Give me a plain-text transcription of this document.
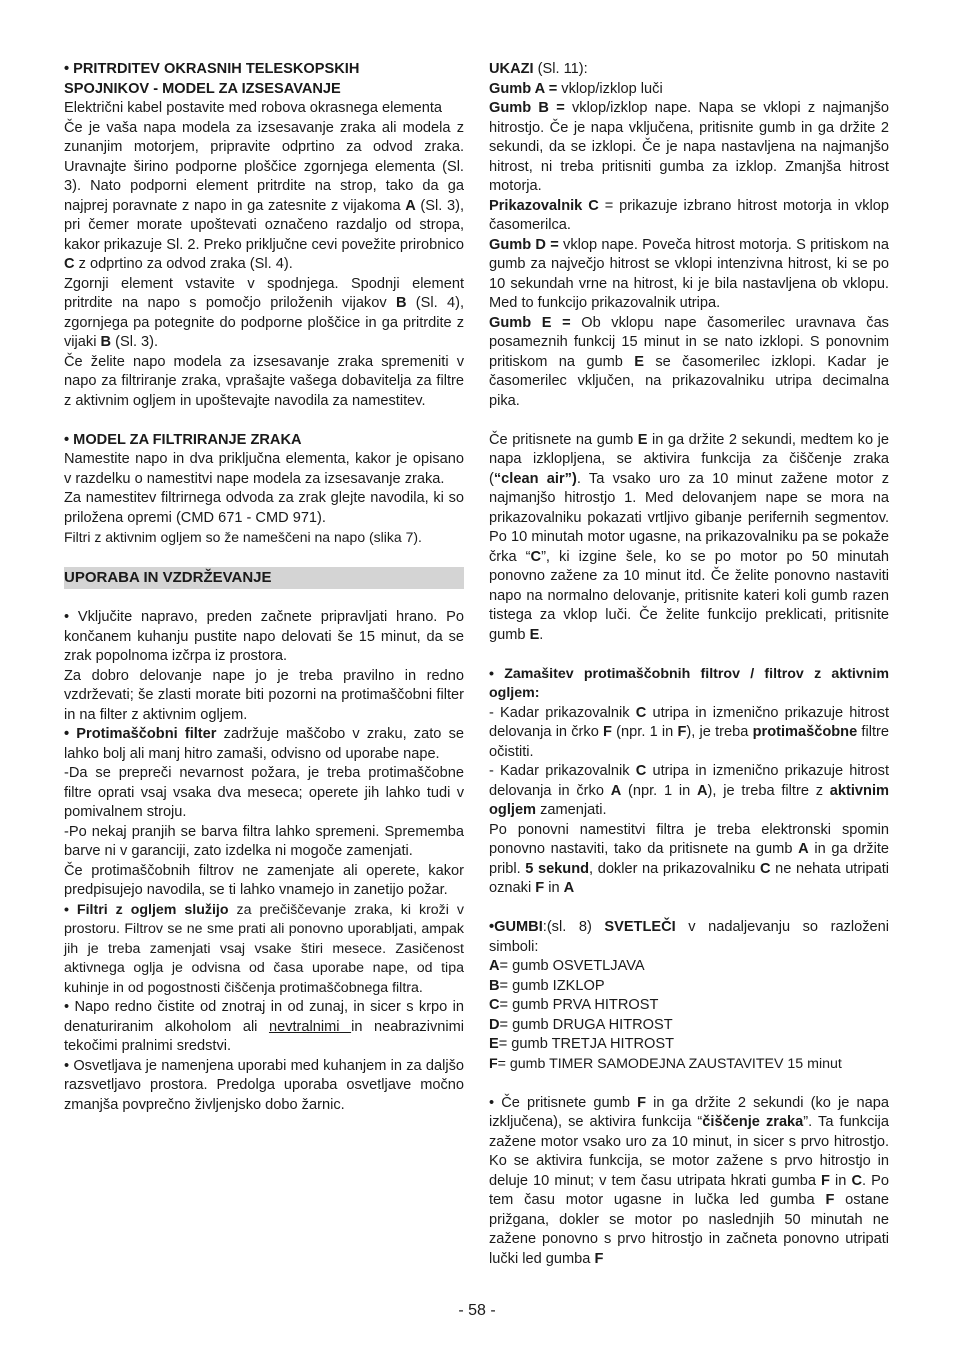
• PRITRDITEV OKRASNIH TELESKOPSKIH
SPOJNIKOV - MODEL ZA IZSESAVANJE

Električni kabel postavite med robova okrasnega elementa

Če je vaša napa modela za izsesavanje zraka ali modela z zunanjim motorjem, pripravite odprtino za odvod zraka. Uravnajte širino podporne ploščice zgornjega elementa (Sl. 3). Nato podporni element pritrdite na strop, tako da ga najprej poravnate z napo in ga zatesnite z vijakoma A (Sl. 3), pri čemer morate upoštevati označeno razdaljo od stropa, kakor prikazuje Sl. 2. Preko priključne cevi povežite prirobnico C z odprtino za odvod zraka (Sl. 4).

Zgornji element vstavite v spodnjega. Spodnji element pritrdite na napo s pomočjo priloženih vijakov B (Sl. 4), zgornjega pa potegnite do podporne ploščice in ga pritrdite z vijaki B (Sl. 3).

Če želite napo modela za izsesavanje zraka spremeniti v napo za filtriranje zraka, vprašajte vašega dobavitelja za filtre z aktivnim ogljem in upoštevajte navodila za namestitev.

• MODEL ZA FILTRIRANJE ZRAKA

Namestite napo in dva priključna elementa, kakor je opisano v razdelku o namestitvi nape modela za izsesavanje zraka.

Za namestitev filtrirnega odvoda za zrak glejte navodila, ki so priložena opremi (CMD 671 - CMD 971).

Filtri z aktivnim ogljem so že nameščeni na napo (slika 7).

UPORABA IN VZDRŽEVANJE

• Vključite napravo, preden začnete pripravljati hrano. Po končanem kuhanju pustite napo delovati še 15 minut, da se zrak popolnoma izčrpa iz prostora.

Za dobro delovanje nape jo je treba pravilno in redno vzdrževati; še zlasti morate biti pozorni na protimaščobni filter in na filter z aktivnim ogljem.

• Protimaščobni filter zadržuje maščobo v zraku, zato se lahko bolj ali manj hitro zamaši, odvisno od uporabe nape.

-Da se prepreči nevarnost požara, je treba protimaščobne filtre oprati vsaj vsaka dva meseca; operete jih lahko tudi v pomivalnem stroju.

-Po nekaj pranjih se barva filtra lahko spremeni. Sprememba barve ni v garanciji, zato izdelka ni mogoče zamenjati.

Če protimaščobnih filtrov ne zamenjate ali operete, kakor predpisujejo navodila, se ti lahko vnamejo in zanetijo požar.

• Filtri z ogljem služijo za prečiščevanje zraka, ki kroži v prostoru. Filtrov se ne sme prati ali ponovno uporabljati, ampak jih je treba zamenjati vsaj vsake štiri mesece. Zasičenost aktivnega oglja je odvisna od časa uporabe nape, od tipa kuhinje in od pogostnosti čiščenja protimaščobnega filtra.

• Napo redno čistite od znotraj in od zunaj, in sicer s krpo in denaturiranim alkoholom ali nevtralnimi in neabrazivnimi tekočimi pralnimi sredstvi.

• Osvetljava je namenjena uporabi med kuhanjem in za daljšo razsvetljavo prostora. Predolga uporaba osvetljave močno zmanjša povprečno življenjsko dobo žarnic.

UKAZI (Sl. 11):

Gumb A = vklop/izklop luči

Gumb B = vklop/izklop nape. Napa se vklopi z najmanjšo hitrostjo. Če je napa vključena, pritisnite gumb in ga držite 2 sekundi, da se izklopi. Če je napa nastavljena na najmanjšo hitrost, ni treba pritisniti gumba za izklop. Zmanjša hitrost motorja.

Prikazovalnik C = prikazuje izbrano hitrost motorja in vklop časomerilca.

Gumb D = vklop nape. Poveča hitrost motorja. S pritiskom na gumb za največjo hitrost se vklopi intenzivna hitrost, ki se po 10 sekundah vrne na hitrost, ki je bila nastavljena ob vklopu. Med to funkcijo prikazovalnik utripa.

Gumb E = Ob vklopu nape časomerilec uravnava čas posameznih funkcij 15 minut in se nato izklopi. S ponovnim pritiskom na gumb E se časomerilec izklopi. Kadar je časomerilec vključen, na prikazovalniku utripa decimalna pika.

Če pritisnete na gumb E in ga držite 2 sekundi, medtem ko je napa izklopljena, se aktivira funkcija za čiščenje zraka (“clean air”). Ta vsako uro za 10 minut zažene motor z najmanjšo hitrostjo 1. Med delovanjem nape se mora na prikazovalniku pokazati vrtljivo gibanje perifernih segmentov. Po 10 minutah motor ugasne, na prikazovalniku pa se pokaže črka “C”, ki izgine šele, ko se po motor po 50 minutah ponovno zažene za 10 minut itd. Če želite ponovno nastaviti napo na normalno delovanje, pritisnite kateri koli gumb razen tistega za vklop luči. Če želite funkcijo preklicati, pritisnite gumb E.

• Zamašitev protimaščobnih filtrov / filtrov z aktivnim ogljem:

- Kadar prikazovalnik C utripa in izmenično prikazuje hitrost delovanja in črko F (npr. 1 in F), je treba protimaščobne filtre očistiti.

- Kadar prikazovalnik C utripa in izmenično prikazuje hitrost delovanja in črko A (npr. 1 in A), je treba filtre z aktivnim ogljem zamenjati.

Po ponovni namestitvi filtra je treba elektronski spomin ponovno nastaviti, tako da pritisnete na gumb A in ga držite pribl. 5 sekund, dokler na prikazovalniku C ne nehata utripati oznaki F in A

•GUMBI:(sl. 8) SVETLEČI v nadaljevanju so razloženi simboli:

A= gumb OSVETLJAVA

B= gumb IZKLOP

C= gumb PRVA HITROST

D= gumb DRUGA HITROST

E= gumb TRETJA HITROST

F= gumb TIMER SAMODEJNA ZAUSTAVITEV 15 minut

• Če pritisnete gumb F in ga držite 2 sekundi (ko je napa izključena), se aktivira funkcija “čiščenje zraka”. Ta funkcija zažene motor vsako uro za 10 minut, in sicer s prvo hitrostjo. Ko se aktivira funkcija, se motor zažene s prvo hitrostjo in deluje 10 minut; v tem času utripata hkrati gumba F in C. Po tem času motor ugasne in lučka led gumba F ostane prižgana, dokler se motor po naslednjih 50 minutah ne zažene ponovno s prvo hitrostjo in začneta ponovno utripati lučki led gumba F

- 58 -
